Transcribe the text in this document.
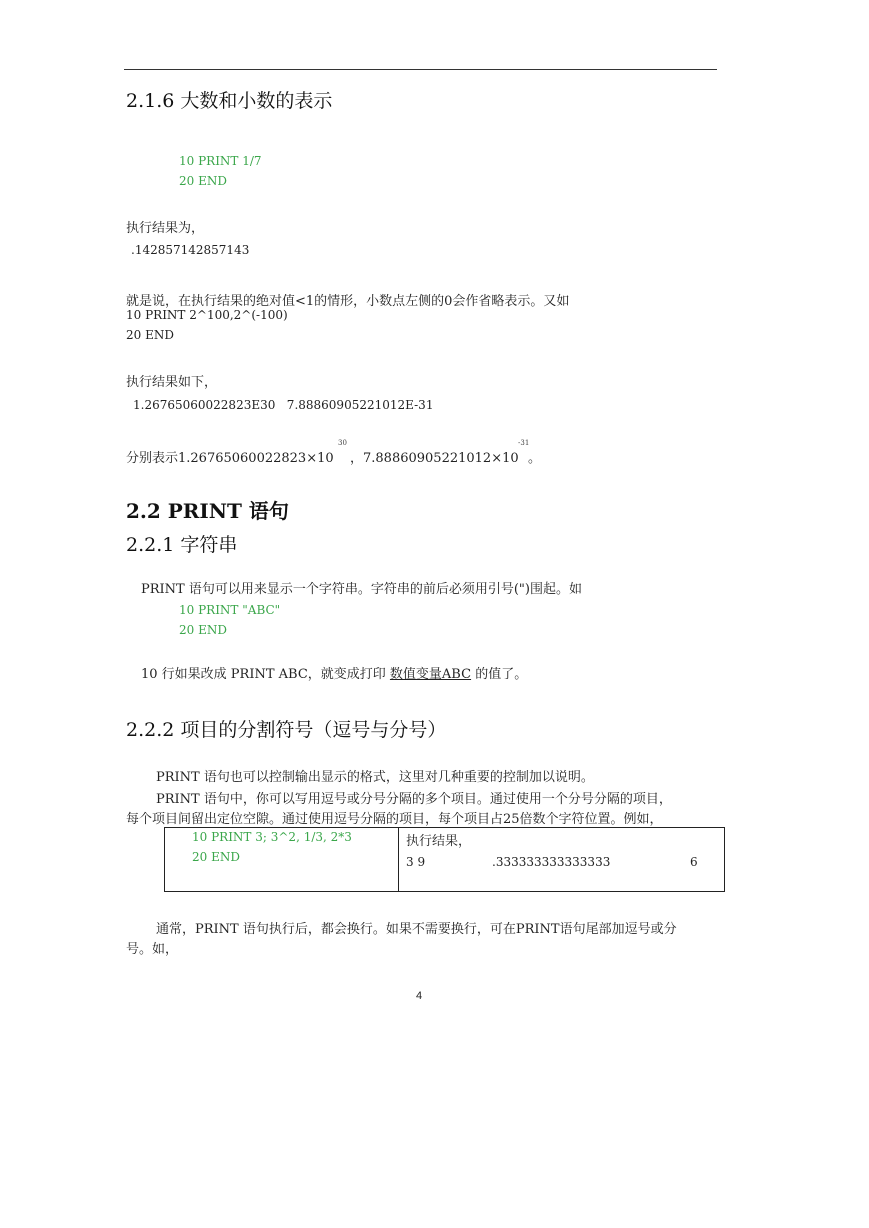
2.1.6 大数和小数的表示
10 PRINT 1/7
20 END
执行结果为，
.142857142857143
就是说，在执行结果的绝对值<1的情形，小数点左侧的0会作省略表示。又如
10 PRINT 2^100,2^(-100)
20 END
执行结果如下，
1.26765060022823E30   7.88860905221012E-31
分别表示1.26765060022823×10
30
，7.88860905221012×10
-31
。
2.2 PRINT 语句
2.2.1 字符串
PRINT 语句可以用来显示一个字符串。字符串的前后必须用引号(")围起。如
10 PRINT "ABC"
20 END
10 行如果改成 PRINT ABC，就变成打印 数值变量ABC 的值了。
2.2.2 项目的分割符号（逗号与分号）
PRINT 语句也可以控制输出显示的格式，这里对几种重要的控制加以说明。
PRINT 语句中，你可以写用逗号或分号分隔的多个项目。通过使用一个分号分隔的项目，
每个项目间留出定位空隙。通过使用逗号分隔的项目，每个项目占25倍数个字符位置。例如，
10 PRINT 3; 3^2, 1/3, 2*3
20 END
执行结果，
3 9	.333333333333333	6
通常，PRINT 语句执行后，都会换行。如果不需要换行，可在PRINT语句尾部加逗号或分
号。如，
4
